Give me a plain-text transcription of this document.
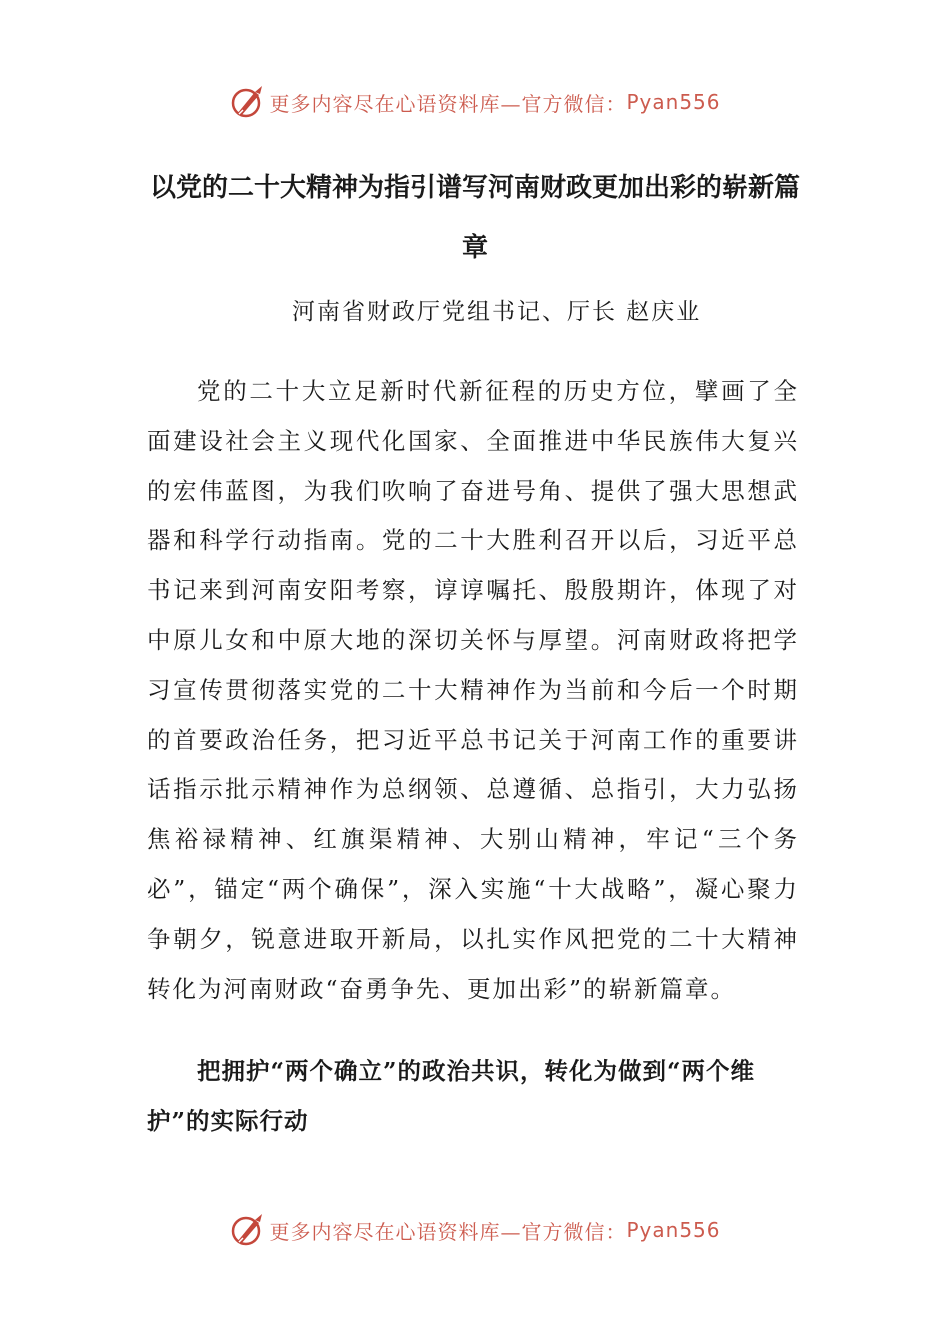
更多内容尽在心语资料库—官方微信： Pyan556
以党的二十大精神为指引谱写河南财政更加出彩的崭新篇章
河南省财政厅党组书记、厅长 赵庆业

党的二十大立足新时代新征程的历史方位，擘画了全面建设社会主义现代化国家、全面推进中华民族伟大复兴的宏伟蓝图，为我们吹响了奋进号角、提供了强大思想武器和科学行动指南。党的二十大胜利召开以后，习近平总书记来到河南安阳考察，谆谆嘱托、殷殷期许，体现了对中原儿女和中原大地的深切关怀与厚望。河南财政将把学习宣传贯彻落实党的二十大精神作为当前和今后一个时期的首要政治任务，把习近平总书记关于河南工作的重要讲话指示批示精神作为总纲领、总遵循、总指引，大力弘扬焦裕禄精神、红旗渠精神、大别山精神，牢记“三个务必”，锚定“两个确保”，深入实施“十大战略”，凝心聚力争朝夕，锐意进取开新局，以扎实作风把党的二十大精神转化为河南财政“奋勇争先、更加出彩”的崭新篇章。

把拥护“两个确立”的政治共识，转化为做到“两个维护”的实际行动

更多内容尽在心语资料库—官方微信： Pyan556
